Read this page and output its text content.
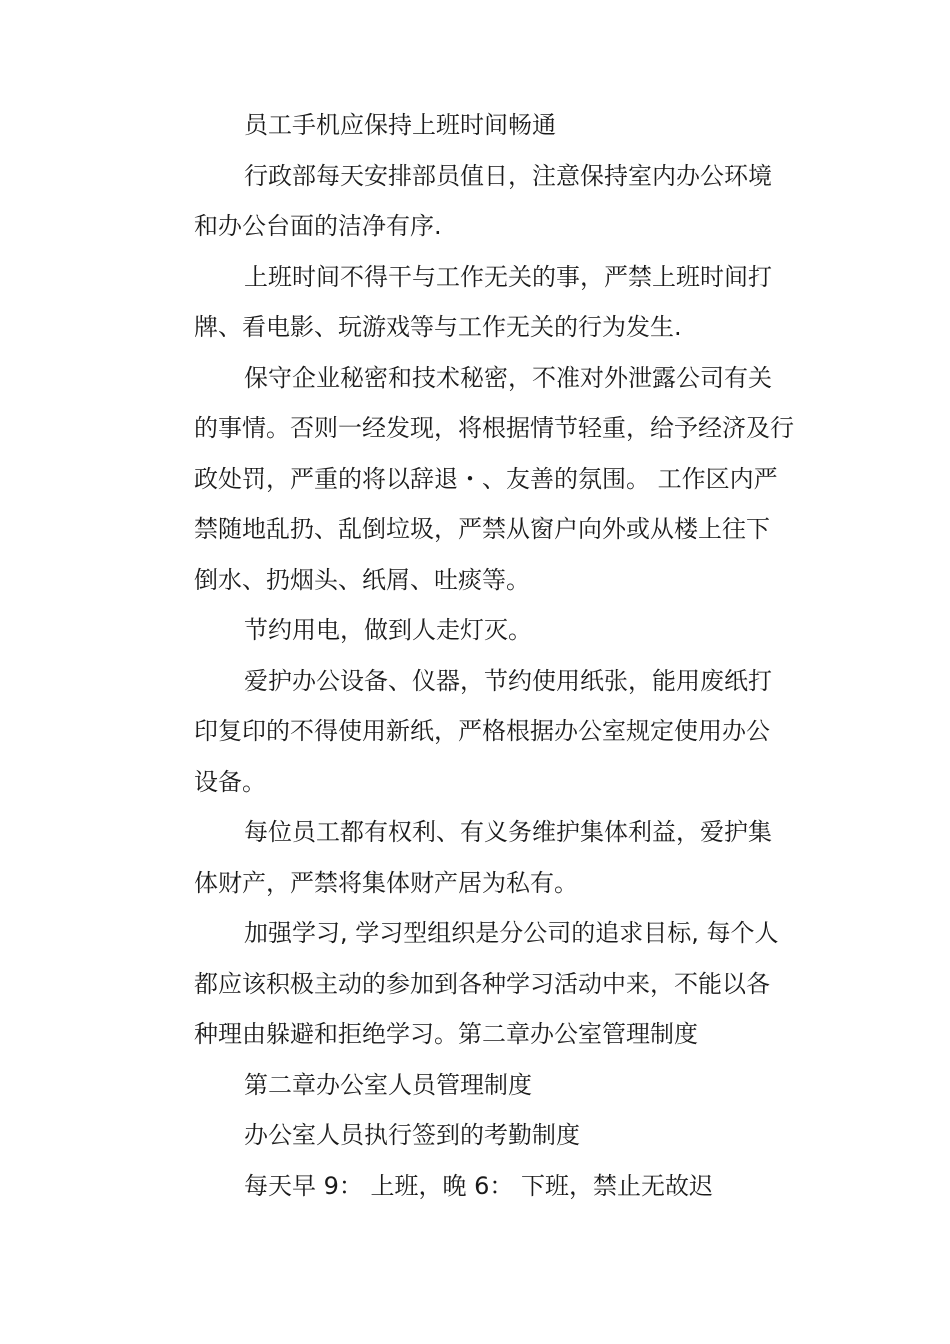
员工手机应保持上班时间畅通
行政部每天安排部员值日，注意保持室内办公环境
和办公台面的洁净有序.
上班时间不得干与工作无关的事，严禁上班时间打
牌、看电影、玩游戏等与工作无关的行为发生.
保守企业秘密和技术秘密，不准对外泄露公司有关
的事情。否则一经发现，将根据情节轻重，给予经济及行
政处罚，严重的将以辞退・、友善的氛围。 工作区内严
禁随地乱扔、乱倒垃圾，严禁从窗户向外或从楼上往下
倒水、扔烟头、纸屑、吐痰等。
节约用电，做到人走灯灭。
爱护办公设备、仪器，节约使用纸张，能用废纸打
印复印的不得使用新纸，严格根据办公室规定使用办公
设备。
每位员工都有权利、有义务维护集体利益，爱护集
体财产，严禁将集体财产居为私有。
加强学习, 学习型组织是分公司的追求目标, 每个人
都应该积极主动的参加到各种学习活动中来，不能以各
种理由躲避和拒绝学习。第二章办公室管理制度
第二章办公室人员管理制度
办公室人员执行签到的考勤制度
每天早 9： 上班，晚 6： 下班，禁止无故迟
